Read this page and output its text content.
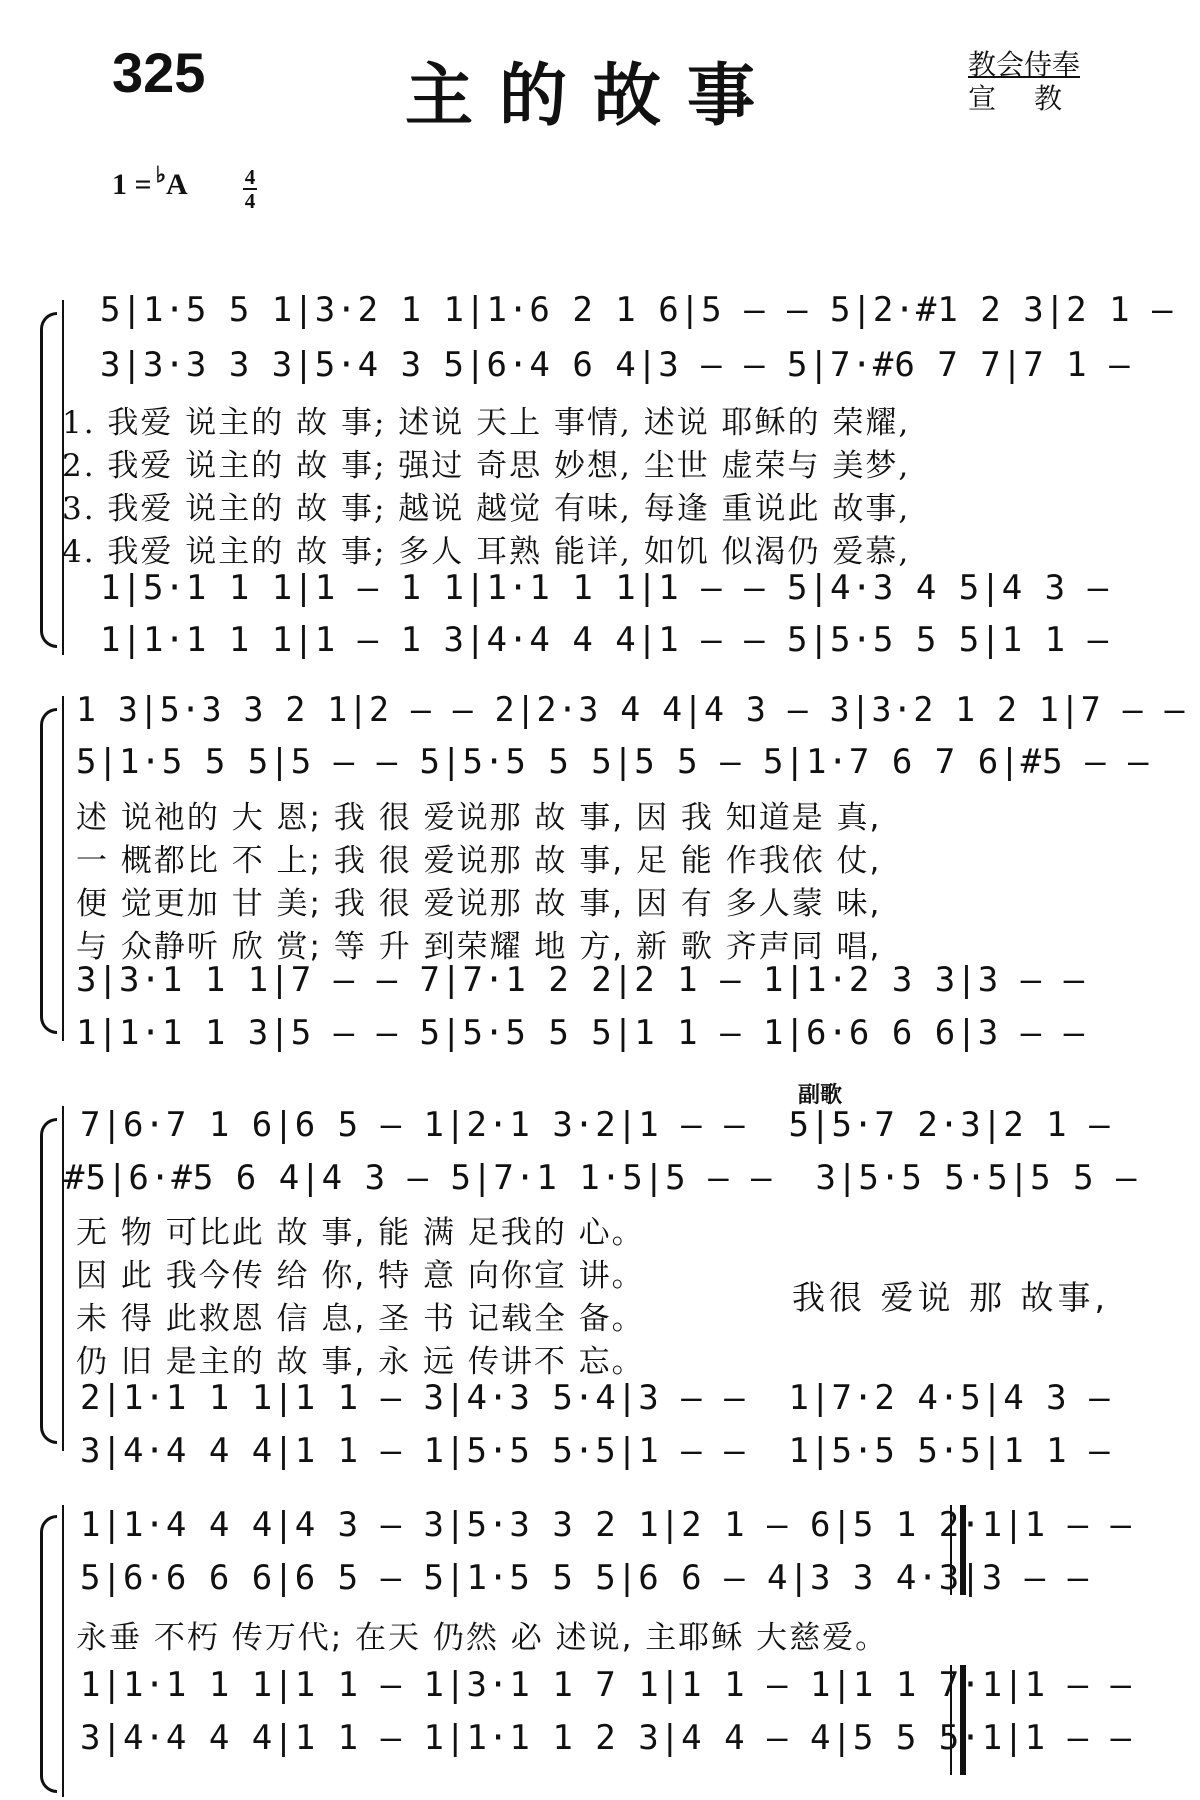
325	主的故事	教会侍奉
宣教
1 = ♭A	4
4
5|1·5 5 1|3·2 1 1|1·6 2 1 6|5 — — 5|2·#1 2 3|2 1 —
3|3·3 3 3|5·4 3 5|6·4 6 4|3 — — 5|7·#6 7 7|7 1 —
1. 我爱 说主的 故 事; 述说 天上 事情, 述说 耶稣的 荣耀,
2. 我爱 说主的 故 事; 强过 奇思 妙想, 尘世 虚荣与 美梦,
3. 我爱 说主的 故 事; 越说 越觉 有味, 每逢 重说此 故事,
4. 我爱 说主的 故 事; 多人 耳熟 能详, 如饥 似渴仍 爱慕,
1|5·1 1 1|1 — 1 1|1·1 1 1|1 — — 5|4·3 4 5|4 3 —
1|1·1 1 1|1 — 1 3|4·4 4 4|1 — — 5|5·5 5 5|1 1 —
1 3|5·3 3 2 1|2 — — 2|2·3 4 4|4 3 — 3|3·2 1 2 1|7 — —
5|1·5 5 5|5 — — 5|5·5 5 5|5 5 — 5|1·7 6 7 6|#5 — —
述 说祂的 大 恩; 我 很 爱说那 故 事, 因 我 知道是 真,
一 概都比 不 上; 我 很 爱说那 故 事, 足 能 作我依 仗,
便 觉更加 甘 美; 我 很 爱说那 故 事, 因 有 多人蒙 味,
与 众静听 欣 赏; 等 升 到荣耀 地 方, 新 歌 齐声同 唱,
3|3·1 1 1|7 — — 7|7·1 2 2|2 1 — 1|1·2 3 3|3 — —
1|1·1 1 3|5 — — 5|5·5 5 5|1 1 — 1|6·6 6 6|3 — —
副歌
7|6·7 1 6|6 5 — 1|2·1 3·2|1 — —  5|5·7 2·3|2 1 —
#5|6·#5 6 4|4 3 — 5|7·1 1·5|5 — —  3|5·5 5·5|5 5 —
无 物 可比此 故 事, 能 满 足我的 心。
因 此 我今传 给 你, 特 意 向你宣 讲。
未 得 此救恩 信 息, 圣 书 记载全 备。
仍 旧 是主的 故 事, 永 远 传讲不 忘。
我很 爱说 那 故事,
2|1·1 1 1|1 1 — 3|4·3 5·4|3 — —  1|7·2 4·5|4 3 —
3|4·4 4 4|1 1 — 1|5·5 5·5|1 — —  1|5·5 5·5|1 1 —
1|1·4 4 4|4 3 — 3|5·3 3 2 1|2 1 — 6|5 1 2·1|1 — —
5|6·6 6 6|6 5 — 5|1·5 5 5|6 6 — 4|3 3 4·3|3 — —
永垂 不朽 传万代; 在天 仍然 必 述说, 主耶稣 大慈爱。
1|1·1 1 1|1 1 — 1|3·1 1 7 1|1 1 — 1|1 1 7·1|1 — —
3|4·4 4 4|1 1 — 1|1·1 1 2 3|4 4 — 4|5 5 5·1|1 — —
